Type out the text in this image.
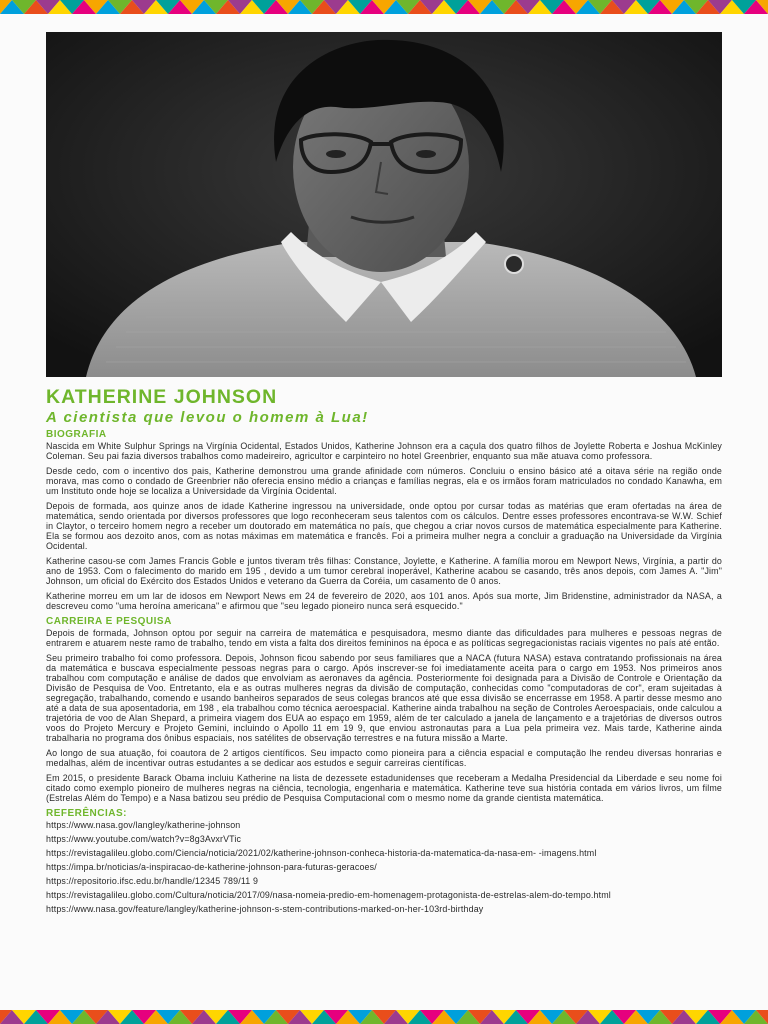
KATHERINE JOHNSON
A cientista que levou o homem à Lua!
BIOGRAFIA

Nascida em White Sulphur Springs na Virgínia Ocidental, Estados Unidos, Katherine Johnson era a caçula dos quatro filhos de Joylette Roberta e Joshua McKinley Coleman. Seu pai fazia diversos trabalhos como madeireiro, agricultor e carpinteiro no hotel Greenbrier, enquanto sua mãe atuava como professora.

Desde cedo, com o incentivo dos pais, Katherine demonstrou uma grande afinidade com números. Concluiu o ensino básico até a oitava série na região onde morava, mas como o condado de Greenbrier não oferecia ensino médio a crianças e famílias negras, ela e os irmãos foram matriculados no condado Kanawha, em um Instituto onde hoje se localiza a Universidade da Virgínia Ocidental.

Depois de formada, aos quinze anos de idade Katherine ingressou na universidade, onde optou por cursar todas as matérias que eram ofertadas na área de matemática, sendo orientada por diversos professores que logo reconheceram seus talentos com os cálculos. Dentre esses professores encontrava-se W.W. Schief in Claytor, o terceiro homem negro a receber um doutorado em matemática no país, que chegou a criar novos cursos de matemática especialmente para Katherine. Ela se formou aos dezoito anos, com as notas máximas em matemática e francês. Foi a primeira mulher negra a concluir a graduação na Universidade da Virgínia Ocidental.

Katherine casou-se com James Francis Goble e juntos tiveram três filhas: Constance, Joylette, e Katherine. A família morou em Newport News, Virgínia, a partir do ano de 1953. Com o falecimento do marido em 195 , devido a um tumor cerebral inoperável, Katherine acabou se casando, três anos depois, com James A. "Jim" Johnson, um oficial do Exército dos Estados Unidos e veterano da Guerra da Coréia, um casamento de 0 anos.

Katherine morreu em um lar de idosos em Newport News em 24 de fevereiro de 2020, aos 101 anos. Após sua morte, Jim Bridenstine, administrador da NASA, a descreveu como "uma heroína americana" e afirmou que "seu legado pioneiro nunca será esquecido."

CARREIRA E PESQUISA

Depois de formada, Johnson optou por seguir na carreira de matemática e pesquisadora, mesmo diante das dificuldades para mulheres e pessoas negras de entrarem e atuarem neste ramo de trabalho, tendo em vista a falta dos direitos femininos na época e as políticas segregacionistas raciais vigentes no país até então.

Seu primeiro trabalho foi como professora. Depois, Johnson ficou sabendo por seus familiares que a NACA (futura NASA) estava contratando profissionais na área da matemática e buscava especialmente pessoas negras para o cargo. Após inscrever-se foi imediatamente aceita para o cargo em 1953. Nos primeiros anos trabalhou com computação e análise de dados que envolviam as aeronaves da agência. Posteriormente foi designada para a Divisão de Controle e Orientação da Divisão de Pesquisa de Voo. Entretanto, ela e as outras mulheres negras da divisão de computação, conhecidas como "computadoras de cor", eram sujeitadas à segregação, trabalhando, comendo e usando banheiros separados de seus colegas brancos até que essa divisão se encerrasse em 1958. A partir desse mesmo ano até a data de sua aposentadoria, em 198 , ela trabalhou como técnica aeroespacial. Katherine ainda trabalhou na seção de Controles Aeroespaciais, onde calculou a trajetória de voo de Alan Shepard, a primeira viagem dos EUA ao espaço em 1959, além de ter calculado a janela de lançamento e a trajetórias de diversos outros voos do Projeto Mercury e Projeto Gemini, incluindo o Apollo 11 em 19 9, que enviou astronautas para a Lua pela primeira vez. Mais tarde, Katherine ainda trabalharia no programa dos ônibus espaciais, nos satélites de observação terrestres e na futura missão a Marte.

Ao longo de sua atuação, foi coautora de 2 artigos científicos. Seu impacto como pioneira para a ciência espacial e computação lhe rendeu diversas honrarias e medalhas, além de incentivar outras estudantes a se dedicar aos estudos e seguir carreiras científicas.

Em 2015, o presidente Barack Obama incluiu Katherine na lista de dezessete estadunidenses que receberam a Medalha Presidencial da Liberdade e seu nome foi citado como exemplo pioneiro de mulheres negras na ciência, tecnologia, engenharia e matemática. Katherine teve sua história contada em vários livros, um filme (Estrelas Além do Tempo) e a Nasa batizou seu prédio de Pesquisa Computacional com o mesmo nome da grande cientista matemática.

REFERÊNCIAS:
https://www.nasa.gov/langley/katherine-johnson
https://www.youtube.com/watch?v=8g3AvxrVTic
https://revistagalileu.globo.com/Ciencia/noticia/2021/02/katherine-johnson-conheca-historia-da-matematica-da-nasa-em- -imagens.html
https://impa.br/noticias/a-inspiracao-de-katherine-johnson-para-futuras-geracoes/
https://repositorio.ifsc.edu.br/handle/12345 789/11 9
https://revistagalileu.globo.com/Cultura/noticia/2017/09/nasa-nomeia-predio-em-homenagem-protagonista-de-estrelas-alem-do-tempo.html
https://www.nasa.gov/feature/langley/katherine-johnson-s-stem-contributions-marked-on-her-103rd-birthday
